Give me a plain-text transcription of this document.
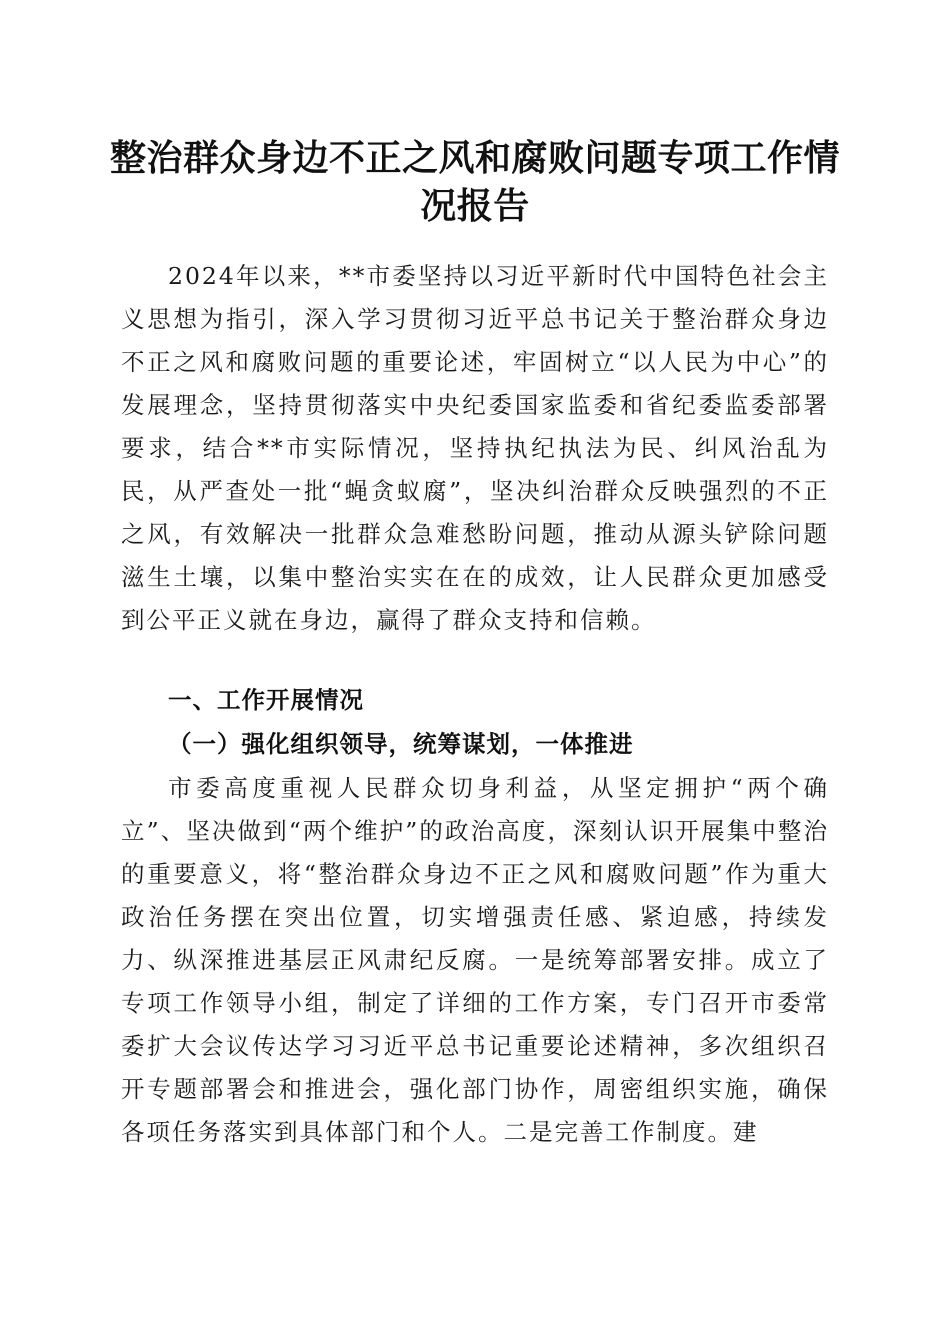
整治群众身边不正之风和腐败问题专项工作情况报告

2024年以来，**市委坚持以习近平新时代中国特色社会主义思想为指引，深入学习贯彻习近平总书记关于整治群众身边不正之风和腐败问题的重要论述，牢固树立“以人民为中心”的发展理念，坚持贯彻落实中央纪委国家监委和省纪委监委部署要求，结合**市实际情况，坚持执纪执法为民、纠风治乱为民，从严查处一批“蝇贪蚁腐”，坚决纠治群众反映强烈的不正之风，有效解决一批群众急难愁盼问题，推动从源头铲除问题滋生土壤，以集中整治实实在在的成效，让人民群众更加感受到公平正义就在身边，赢得了群众支持和信赖。

一、工作开展情况
（一）强化组织领导，统筹谋划，一体推进

市委高度重视人民群众切身利益，从坚定拥护“两个确立”、坚决做到“两个维护”的政治高度，深刻认识开展集中整治的重要意义，将“整治群众身边不正之风和腐败问题”作为重大政治任务摆在突出位置，切实增强责任感、紧迫感，持续发力、纵深推进基层正风肃纪反腐。一是统筹部署安排。成立了专项工作领导小组，制定了详细的工作方案，专门召开市委常委扩大会议传达学习习近平总书记重要论述精神，多次组织召开专题部署会和推进会，强化部门协作，周密组织实施，确保各项任务落实到具体部门和个人。二是完善工作制度。建
